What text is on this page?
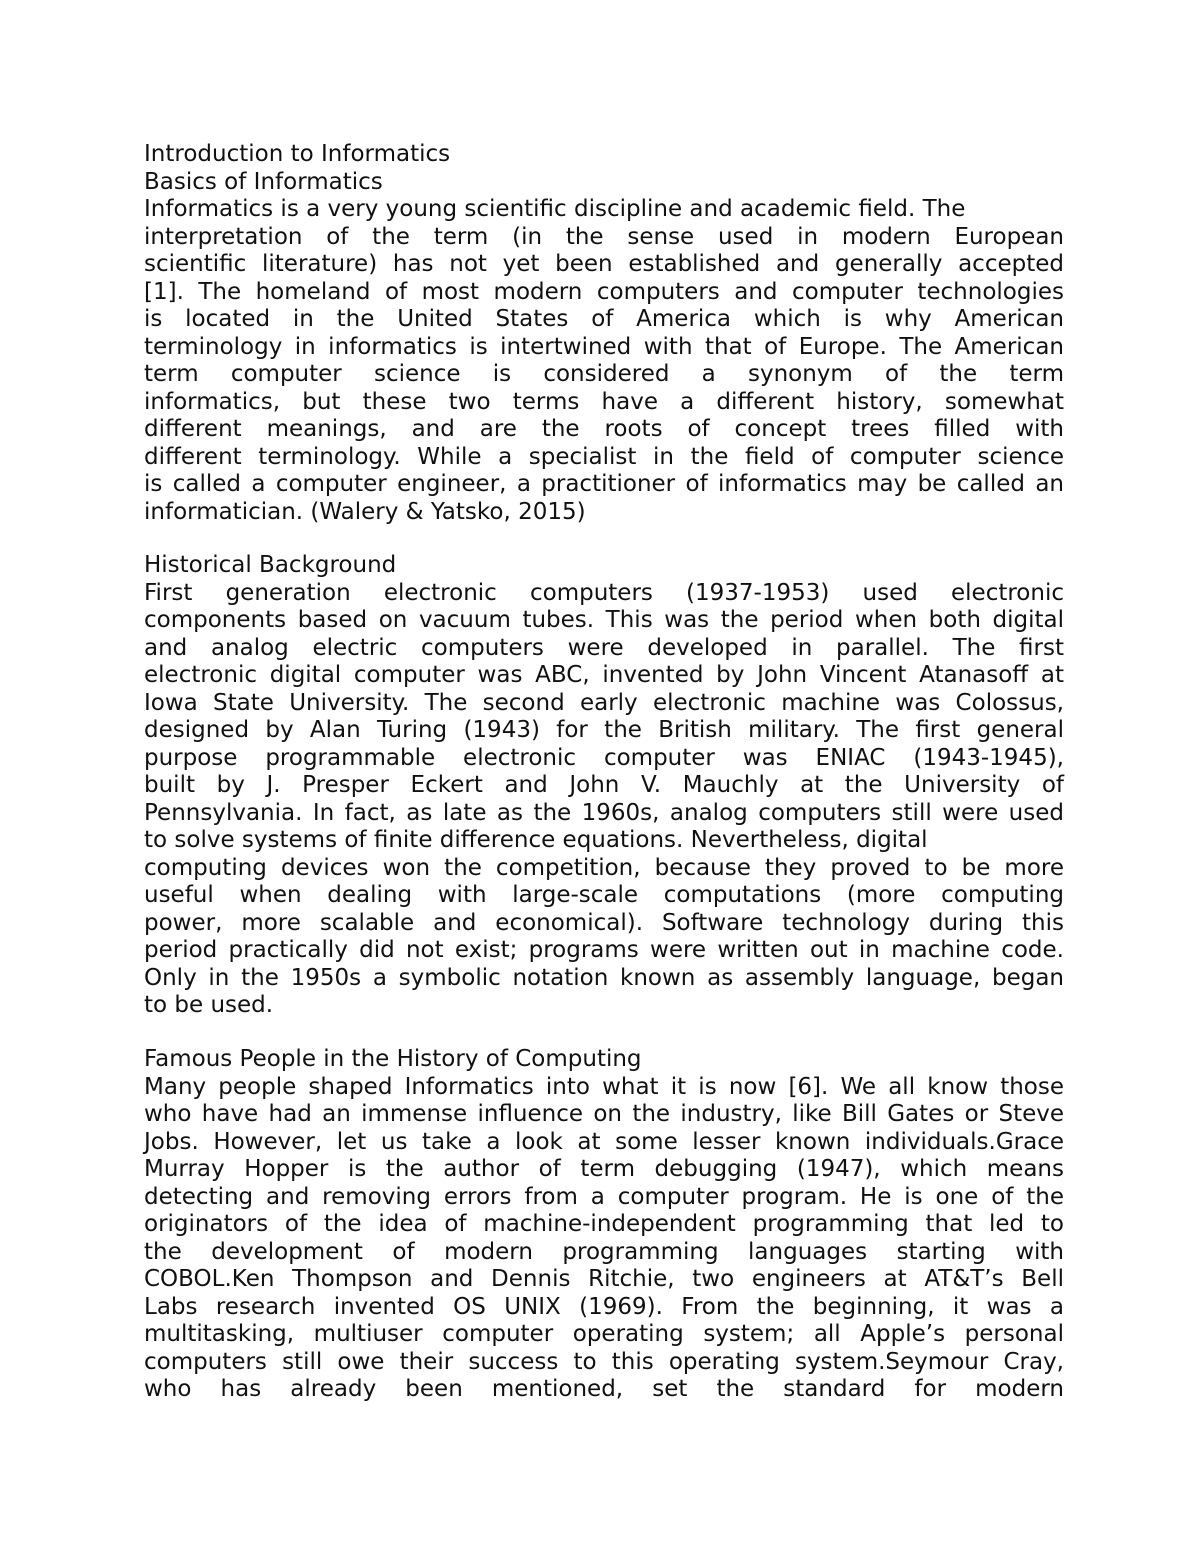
Introduction to Informatics
Basics of Informatics
Informatics is a very young scientific discipline and academic field. The
interpretation of the term (in the sense used in modern European
scientific literature) has not yet been established and generally accepted
[1]. The homeland of most modern computers and computer technologies
is located in the United States of America which is why American
terminology in informatics is intertwined with that of Europe. The American
term computer science is considered a synonym of the term
informatics, but these two terms have a different history, somewhat
different meanings, and are the roots of concept trees filled with
different terminology. While a specialist in the field of computer science
is called a computer engineer, a practitioner of informatics may be called an
informatician. (Walery & Yatsko, 2015)
Historical Background
First generation electronic computers (1937-1953) used electronic
components based on vacuum tubes. This was the period when both digital
and analog electric computers were developed in parallel. The first
electronic digital computer was ABC, invented by John Vincent Atanasoff at
Iowa State University. The second early electronic machine was Colossus,
designed by Alan Turing (1943) for the British military. The first general
purpose programmable electronic computer was ENIAC (1943-1945),
built by J. Presper Eckert and John V. Mauchly at the University of
Pennsylvania. In fact, as late as the 1960s, analog computers still were used
to solve systems of finite difference equations. Nevertheless, digital
computing devices won the competition, because they proved to be more
useful when dealing with large-scale computations (more computing
power, more scalable and economical). Software technology during this
period practically did not exist; programs were written out in machine code.
Only in the 1950s a symbolic notation known as assembly language, began
to be used.
Famous People in the History of Computing
Many people shaped Informatics into what it is now [6]. We all know those
who have had an immense influence on the industry, like Bill Gates or Steve
Jobs. However, let us take a look at some lesser known individuals.Grace
Murray Hopper is the author of term debugging (1947), which means
detecting and removing errors from a computer program. He is one of the
originators of the idea of machine-independent programming that led to
the development of modern programming languages starting with
COBOL.Ken Thompson and Dennis Ritchie, two engineers at AT&T’s Bell
Labs research invented OS UNIX (1969). From the beginning, it was a
multitasking, multiuser computer operating system; all Apple’s personal
computers still owe their success to this operating system.Seymour Cray,
who has already been mentioned, set the standard for modern
